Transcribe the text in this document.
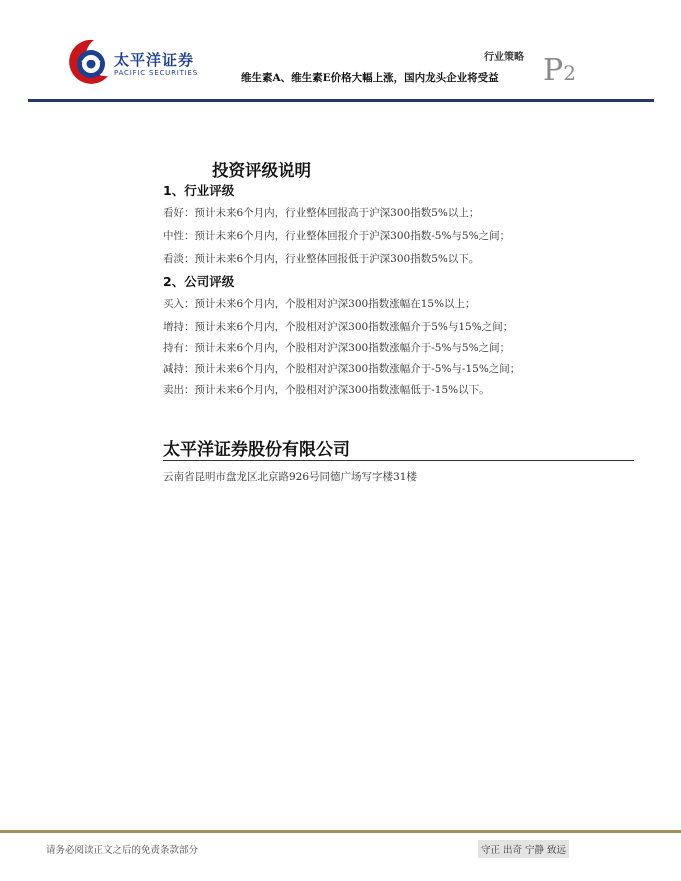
太平洋证券
PACIFIC SECURITIES
行业策略
维生素A、维生素E价格大幅上涨，国内龙头企业将受益 P2
投资评级说明
1、行业评级
看好：预计未来6个月内，行业整体回报高于沪深300指数5%以上；
中性：预计未来6个月内，行业整体回报介于沪深300指数-5%与5%之间；
看淡：预计未来6个月内，行业整体回报低于沪深300指数5%以下。
2、公司评级
买入：预计未来6个月内，个股相对沪深300指数涨幅在15%以上；
增持：预计未来6个月内，个股相对沪深300指数涨幅介于5%与15%之间；
持有：预计未来6个月内，个股相对沪深300指数涨幅介于-5%与5%之间；
减持：预计未来6个月内，个股相对沪深300指数涨幅介于-5%与-15%之间；
卖出：预计未来6个月内，个股相对沪深300指数涨幅低于-15%以下。
太平洋证券股份有限公司
云南省昆明市盘龙区北京路926号同德广场写字楼31楼
请务必阅读正文之后的免责条款部分	守正 出奇 宁静 致远
